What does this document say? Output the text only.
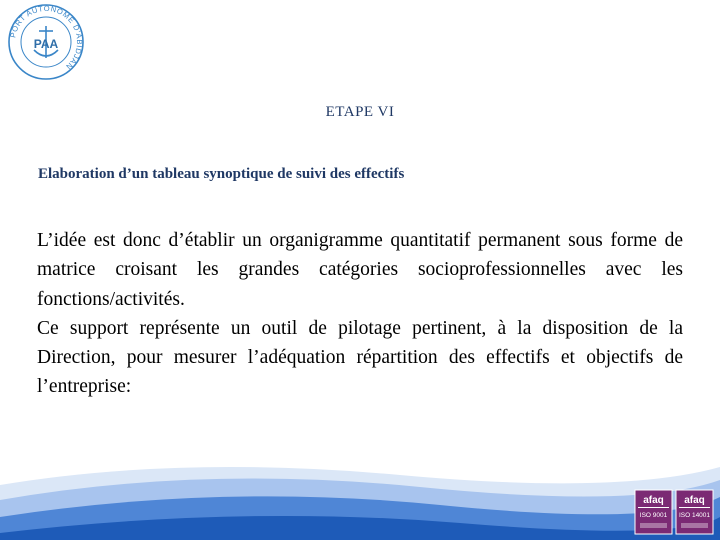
PORT AUTONOME D'ABIDJAN
PAA
ETAPE VI
Elaboration d’un tableau synoptique de suivi des effectifs

L’idée est donc d’établir un organigramme quantitatif permanent sous forme de matrice croisant les grandes catégories socioprofessionnelles avec les fonctions/activités.

Ce support représente un outil de pilotage pertinent, à la disposition de la Direction, pour mesurer l’adéquation répartition des effectifs et objectifs de l’entreprise:

afaq
ISO 9001
afaq
ISO 14001
